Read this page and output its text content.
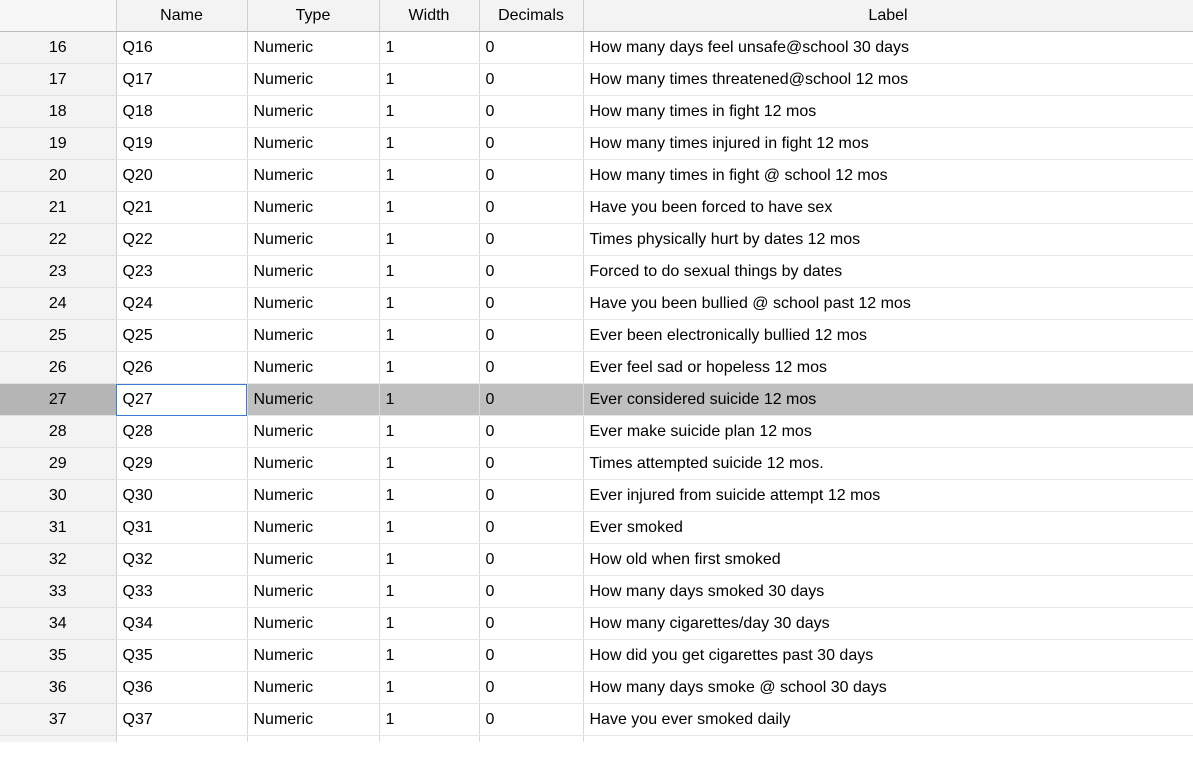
	Name	Type	Width	Decimals	Label
16	Q16	Numeric	1	0	How many days feel unsafe@school 30 days
17	Q17	Numeric	1	0	How many times threatened@school 12 mos
18	Q18	Numeric	1	0	How many times in fight 12 mos
19	Q19	Numeric	1	0	How many times injured in fight 12 mos
20	Q20	Numeric	1	0	How many times in fight @ school 12 mos
21	Q21	Numeric	1	0	Have you been forced to have sex
22	Q22	Numeric	1	0	Times physically hurt by dates 12 mos
23	Q23	Numeric	1	0	Forced to do sexual things by dates
24	Q24	Numeric	1	0	Have you been bullied @ school past 12 mos
25	Q25	Numeric	1	0	Ever been electronically bullied 12 mos
26	Q26	Numeric	1	0	Ever feel sad or hopeless 12 mos
27	Q27	Numeric	1	0	Ever considered suicide 12 mos
28	Q28	Numeric	1	0	Ever make suicide plan 12 mos
29	Q29	Numeric	1	0	Times attempted suicide 12 mos.
30	Q30	Numeric	1	0	Ever injured from suicide attempt 12 mos
31	Q31	Numeric	1	0	Ever smoked
32	Q32	Numeric	1	0	How old when first smoked
33	Q33	Numeric	1	0	How many days smoked 30 days
34	Q34	Numeric	1	0	How many cigarettes/day 30 days
35	Q35	Numeric	1	0	How did you get cigarettes past 30 days
36	Q36	Numeric	1	0	How many days smoke @ school 30 days
37	Q37	Numeric	1	0	Have you ever smoked daily
